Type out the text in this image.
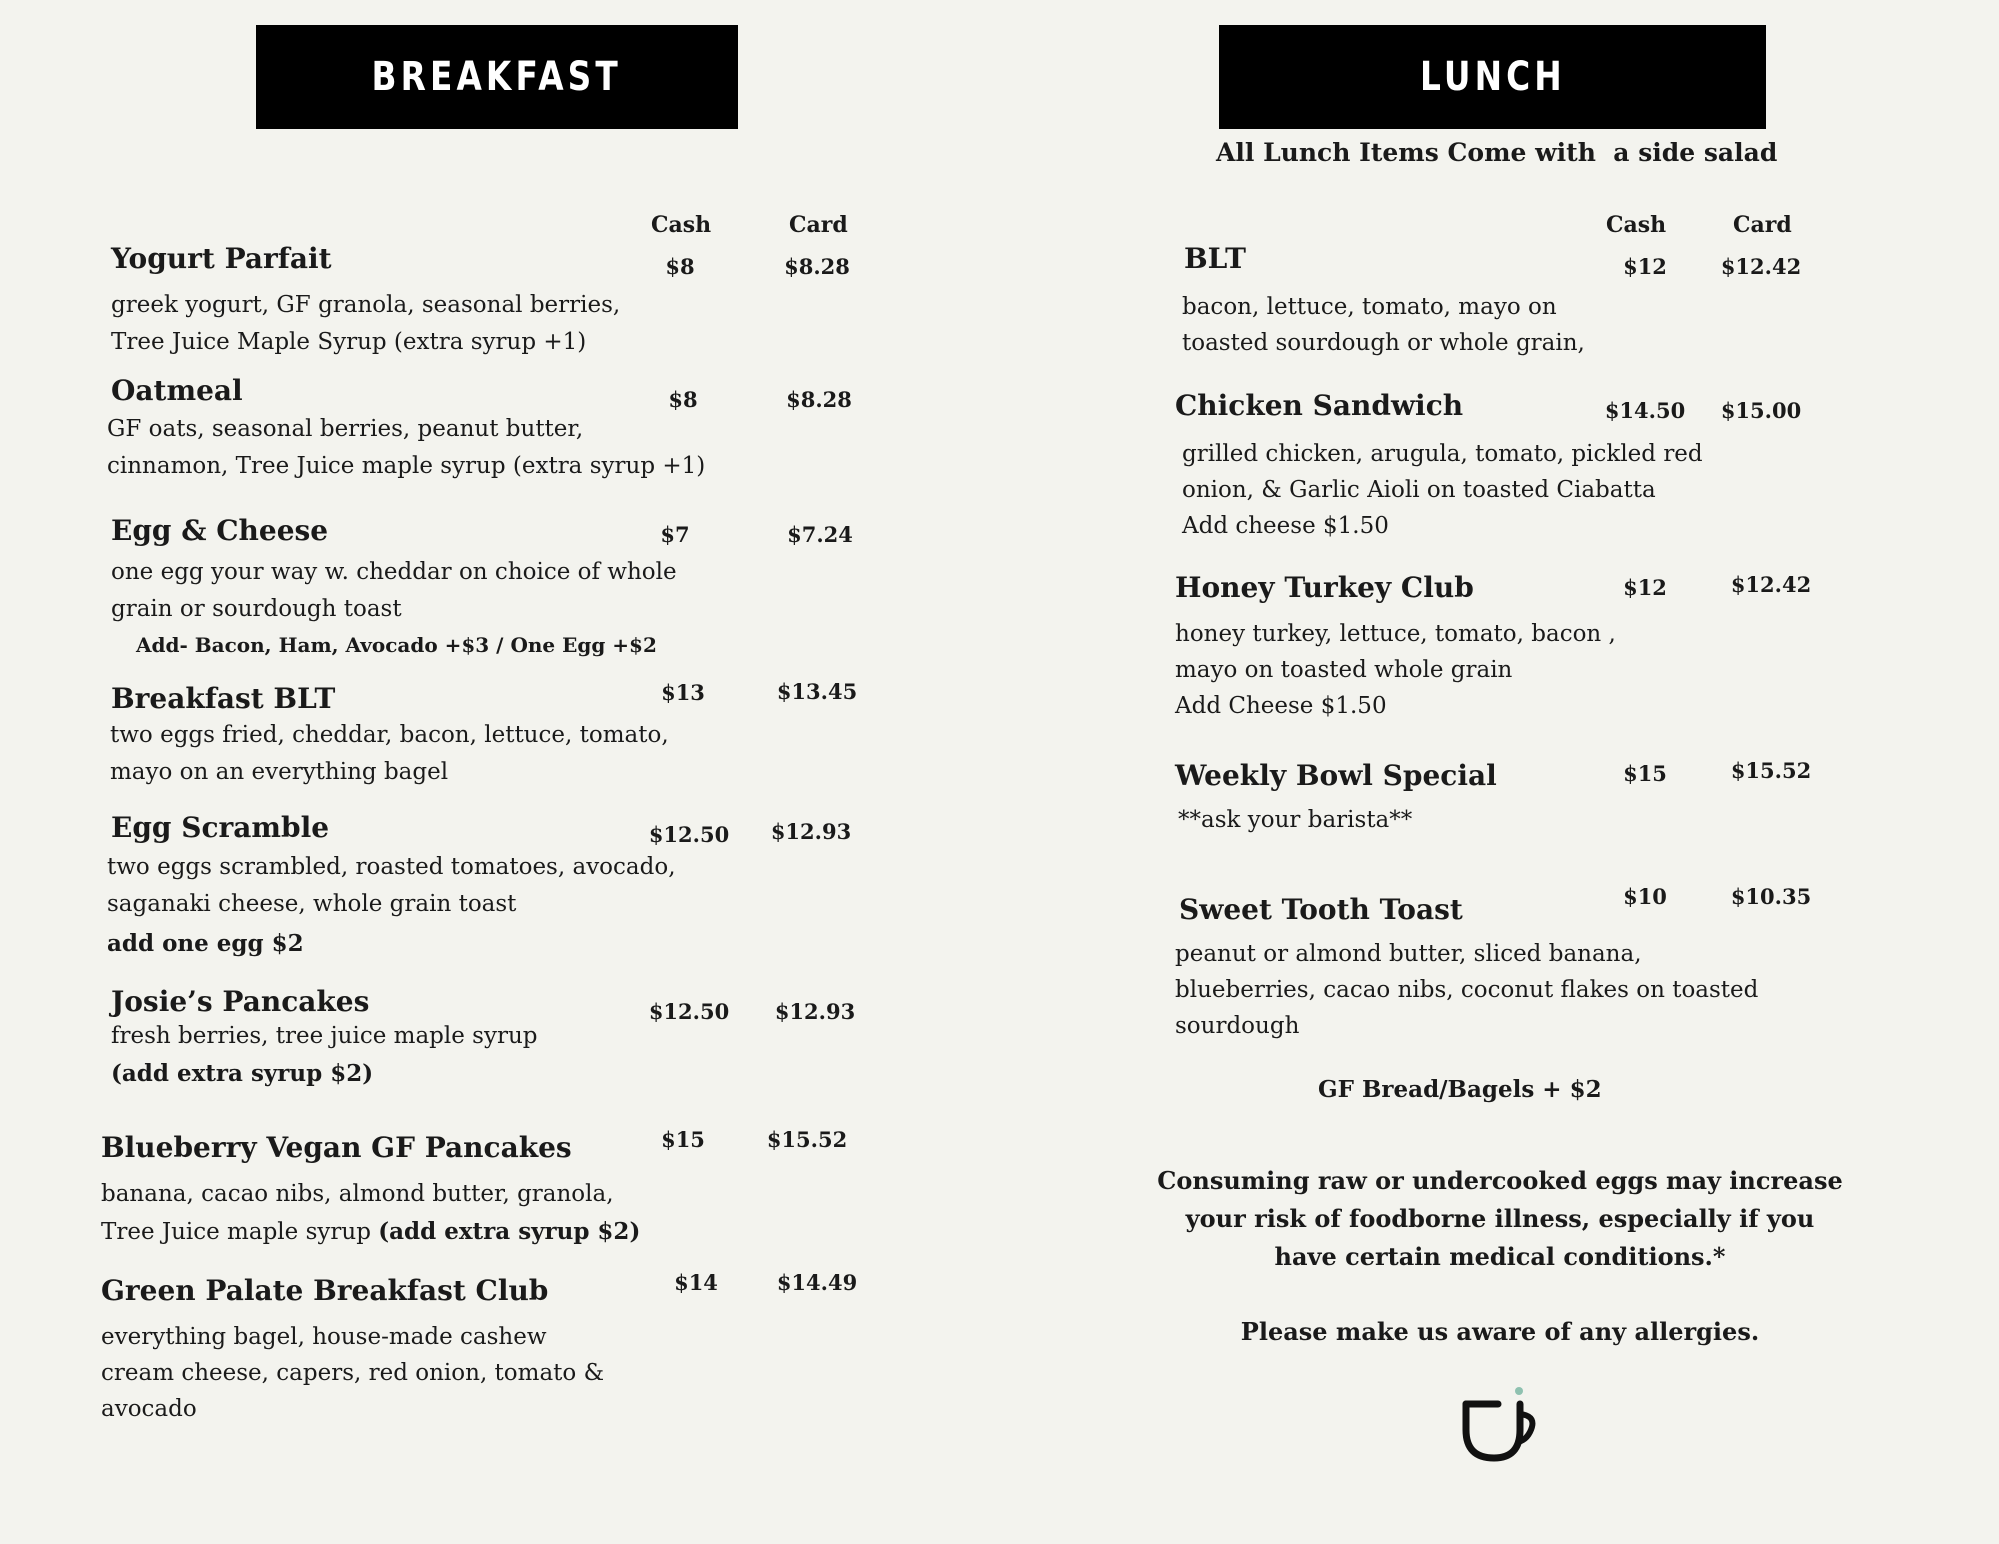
BREAKFAST
Cash	Card
Yogurt Parfait	$8	$8.28
greek yogurt, GF granola, seasonal berries,
Tree Juice Maple Syrup (extra syrup +1)
Oatmeal	$8	$8.28
GF oats, seasonal berries, peanut butter,
cinnamon, Tree Juice maple syrup (extra syrup +1)
Egg & Cheese	$7	$7.24
one egg your way w. cheddar on choice of whole
grain or sourdough toast
Add- Bacon, Ham, Avocado +$3 / One Egg +$2
Breakfast BLT	$13	$13.45
two eggs fried, cheddar, bacon, lettuce, tomato,
mayo on an everything bagel
Egg Scramble	$12.50	$12.93
two eggs scrambled, roasted tomatoes, avocado,
saganaki cheese, whole grain toast
add one egg $2
Josie’s Pancakes	$12.50	$12.93
fresh berries, tree juice maple syrup
(add extra syrup $2)
Blueberry Vegan GF Pancakes	$15	$15.52
banana, cacao nibs, almond butter, granola,
Tree Juice maple syrup (add extra syrup $2)
Green Palate Breakfast Club	$14	$14.49
everything bagel, house-made cashew
cream cheese, capers, red onion, tomato &
avocado
LUNCH
All Lunch Items Come with  a side salad
Cash	Card
BLT	$12	$12.42
bacon, lettuce, tomato, mayo on
toasted sourdough or whole grain,
Chicken Sandwich	$14.50	$15.00
grilled chicken, arugula, tomato, pickled red
onion, & Garlic Aioli on toasted Ciabatta
Add cheese $1.50
Honey Turkey Club	$12	$12.42
honey turkey, lettuce, tomato, bacon ,
mayo on toasted whole grain
Add Cheese $1.50
Weekly Bowl Special	$15	$15.52
**ask your barista**
Sweet Tooth Toast	$10	$10.35
peanut or almond butter, sliced banana,
blueberries, cacao nibs, coconut flakes on toasted
sourdough
GF Bread/Bagels + $2
Consuming raw or undercooked eggs may increase your risk of foodborne illness, especially if you have certain medical conditions.*
Please make us aware of any allergies.
